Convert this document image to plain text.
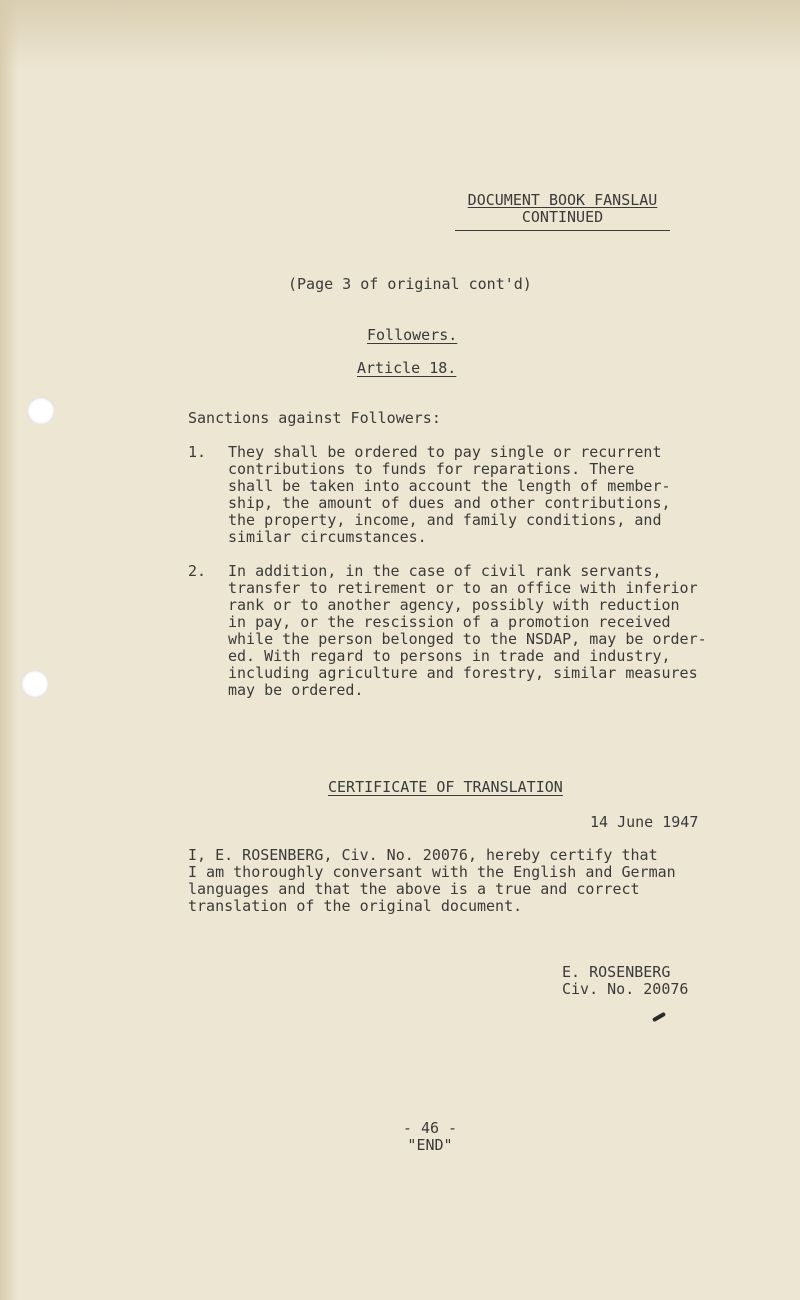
DOCUMENT BOOK FANSLAU
CONTINUED
(Page 3 of original cont'd)
Followers.
Article 18.
Sanctions against Followers:
1. They shall be ordered to pay single or recurrent
contributions to funds for reparations. There
shall be taken into account the length of member-
ship, the amount of dues and other contributions,
the property, income, and family conditions, and
similar circumstances.
2. In addition, in the case of civil rank servants,
transfer to retirement or to an office with inferior
rank or to another agency, possibly with reduction
in pay, or the rescission of a promotion received
while the person belonged to the NSDAP, may be order-
ed. With regard to persons in trade and industry,
including agriculture and forestry, similar measures
may be ordered.
CERTIFICATE OF TRANSLATION
14 June 1947
I, E. ROSENBERG, Civ. No. 20076, hereby certify that
I am thoroughly conversant with the English and German
languages and that the above is a true and correct
translation of the original document.
E. ROSENBERG
Civ. No. 20076
- 46 -
"END"
